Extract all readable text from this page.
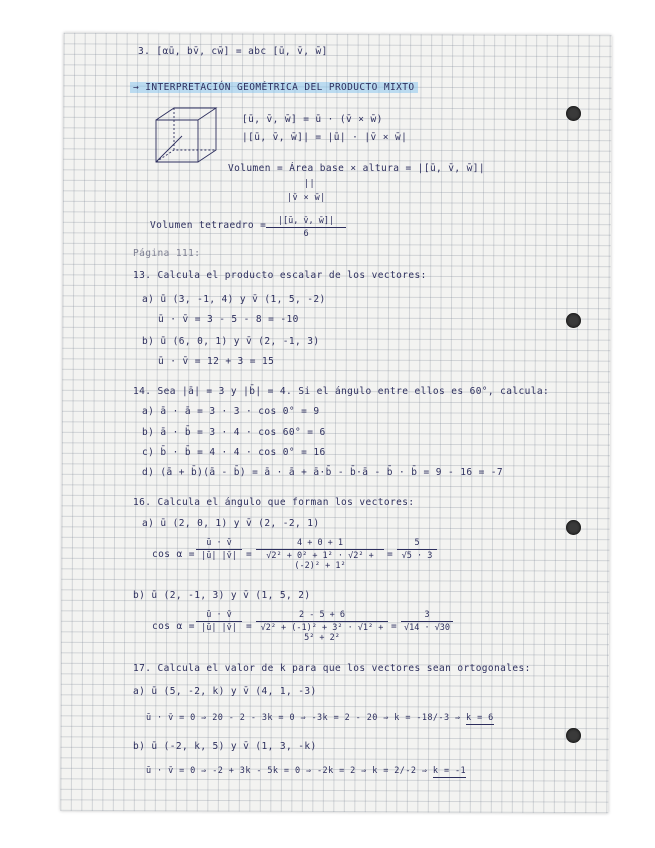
3. [αū, bv̄, cw̄] = abc [ū, v̄, w̄]
→ INTERPRETACIÓN GEOMÉTRICA DEL PRODUCTO MIXTO
[ū, v̄, w̄] = ū · (v̄ × w̄)
|[ū, v̄, w̄]| = |ū| · |v̄ × w̄|
Volumen = Área base × altura = |[ū, v̄, w̄]|
||
|v̄ × w̄|
Volumen tetraedro = $\frac{|[ū, v̄, w̄]|}{6}$
Página 111:
13. Calcula el producto escalar de los vectores:
a) ū (3, -1, 4) y v̄ (1, 5, -2)
ū · v̄ = 3 - 5 - 8 = -10
b) ū (6, 0, 1) y v̄ (2, -1, 3)
ū · v̄ = 12 + 3 = 15
14. Sea |ā| = 3 y |b̄| = 4. Si el ángulo entre ellos es 60°, calcula:
a) ā · ā = 3 · 3 · cos 0° = 9
b) ā · b̄ = 3 · 4 · cos 60° = 6
c) b̄ · b̄ = 4 · 4 · cos 0° = 16
d) (ā + b̄)(ā - b̄) = ā · ā + ā·b̄ - b̄·ā - b̄ · b̄ = 9 - 16 = -7
16. Calcula el ángulo que forman los vectores:
a) ū (2, 0, 1) y v̄ (2, -2, 1)
$\cos \alpha = \frac{ū \cdot v̄}{|ū| |v̄|} = \frac{4 + 0 + 1}{\text{√2² + 0² + 1² · √2² + (-2)² + 1²}} = \frac{5}{√5 \cdot 3}$
b) ū (2, -1, 3) y v̄ (1, 5, 2)
$\cos \alpha = \frac{ū \cdot v̄}{|ū| |v̄|} = \frac{2 - 5 + 6}{\text{√2² + (-1)² + 3² · √1² + 5² + 2²}} = \frac{3}{√14 \cdot √30}$
17. Calcula el valor de k para que los vectores sean ortogonales:
a) ū (5, -2, k) y v̄ (4, 1, -3)
ū · v̄ = 0 ⇒ 20 - 2 - 3k = 0 ⇒ -3k = 2 - 20 ⇒ k = -18/-3 ⇒ k = 6
b) ū (-2, k, 5) y v̄ (1, 3, -k)
ū · v̄ = 0 ⇒ -2 + 3k - 5k = 0 ⇒ -2k = 2 ⇒ k = 2/-2 ⇒ k = -1
